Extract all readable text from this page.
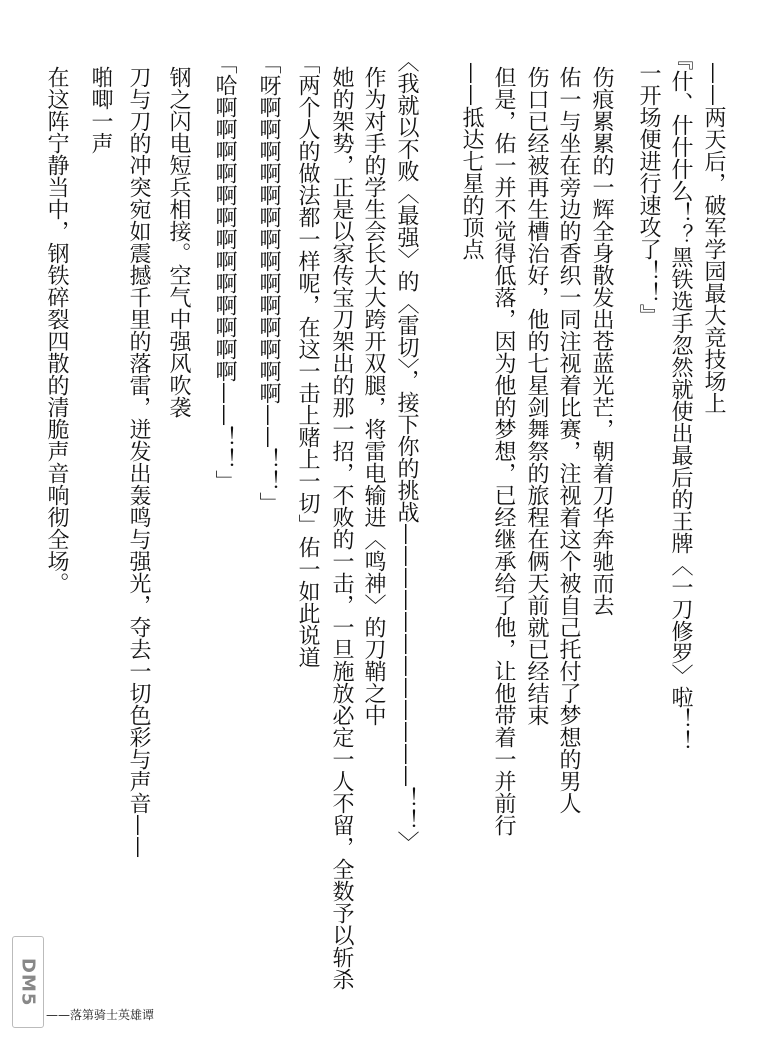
——两天后，破军学园最大竞技场上
『什、什什什么！？黑铁选手忽然就使出最后的王牌〈一刀修罗〉啦！！
一开场便进行速攻了！！』
伤痕累累的一辉全身散发出苍蓝光芒，朝着刀华奔驰而去
佑一与坐在旁边的香织一同注视着比赛，注视着这个被自己托付了梦想的男人
伤口已经被再生槽治好，他的七星剑舞祭的旅程在俩天前就已经结束
但是，佑一并不觉得低落，因为他的梦想，已经继承给了他，让他带着一并前行
——抵达七星的顶点
〈我就以不败〈最强〉的〈雷切〉，接下你的挑战————————————！！〉
作为对手的学生会长大大跨开双腿，将雷电输进〈鸣神〉的刀鞘之中
她的架势，正是以家传宝刀架出的那一招，不败的一击，一旦施放必定一人不留，全数予以斩杀
「两个人的做法都一样呢，在这一击上赌上一切」佑一如此说道
「呀啊啊啊啊啊啊啊啊啊啊啊啊啊啊——！！」
「哈啊啊啊啊啊啊啊啊啊啊啊啊啊——！！」
钢之闪电短兵相接。空气中强风吹袭
刀与刀的冲突宛如震撼千里的落雷，迸发出轰鸣与强光，夺去一切色彩与声音——
啪唧一声
在这阵宁静当中，钢铁碎裂四散的清脆声音响彻全场。
DM5
——落第骑士英雄谭
